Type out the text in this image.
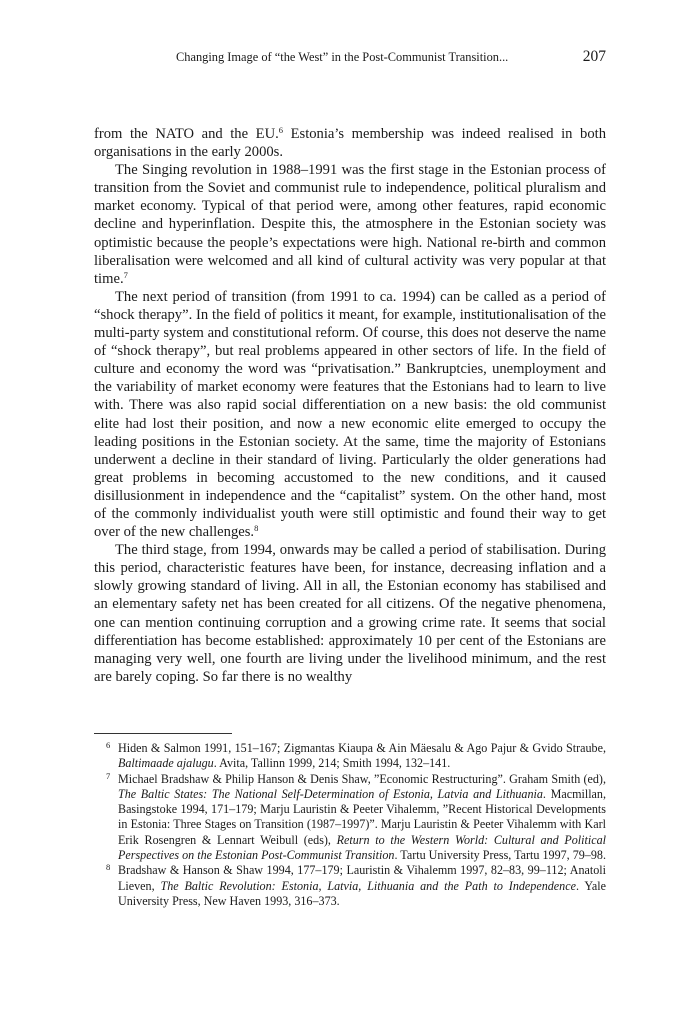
Changing Image of “the West” in the Post-Communist Transition...	207

from the NATO and the EU.$^6$ Estonia’s membership was indeed realised in both organisations in the early 2000s.

The Singing revolution in 1988–1991 was the first stage in the Estonian process of transition from the Soviet and communist rule to independence, political pluralism and market economy. Typical of that period were, among other features, rapid economic decline and hyperinflation. Despite this, the atmosphere in the Estonian society was optimistic because the people’s expectations were high. National re-birth and common liberalisation were welcomed and all kind of cultural activity was very popular at that time.$^7$

The next period of transition (from 1991 to ca. 1994) can be called as a period of “shock therapy”. In the field of politics it meant, for example, institutionalisation of the multi-party system and constitutional reform. Of course, this does not deserve the name of “shock therapy”, but real problems appeared in other sectors of life. In the field of culture and economy the word was “privatisation.” Bankruptcies, unemployment and the variability of market economy were features that the Estonians had to learn to live with. There was also rapid social differentiation on a new basis: the old communist elite had lost their position, and now a new economic elite emerged to occupy the leading positions in the Estonian society. At the same, time the majority of Estonians underwent a decline in their standard of living. Particularly the older generations had great problems in becoming accustomed to the new conditions, and it caused disillusionment in independence and the “capitalist” system. On the other hand, most of the commonly individualist youth were still optimistic and found their way to get over of the new challenges.$^8$

The third stage, from 1994, onwards may be called a period of stabilisation. During this period, characteristic features have been, for instance, decreasing inflation and a slowly growing standard of living. All in all, the Estonian economy has stabilised and an elementary safety net has been created for all citizens. Of the negative phenomena, one can mention continuing corruption and a growing crime rate. It seems that social differentiation has become established: approximately 10 per cent of the Estonians are managing very well, one fourth are living under the livelihood minimum, and the rest are barely coping. So far there is no wealthy

6 Hiden & Salmon 1991, 151–167; Zigmantas Kiaupa & Ain Mäesalu & Ago Pajur & Gvido Straube, Baltimaade ajalugu. Avita, Tallinn 1999, 214; Smith 1994, 132–141.

7 Michael Bradshaw & Philip Hanson & Denis Shaw, ”Economic Restructuring”. Graham Smith (ed), The Baltic States: The National Self-Determination of Estonia, Latvia and Lithuania. Macmillan, Basingstoke 1994, 171–179; Marju Lauristin & Peeter Vihalemm, ”Recent Historical Developments in Estonia: Three Stages on Transition (1987–1997)”. Marju Lauristin & Peeter Vihalemm with Karl Erik Rosengren & Lennart Weibull (eds), Return to the Western World: Cultural and Political Perspectives on the Estonian Post-Communist Transition. Tartu University Press, Tartu 1997, 79–98.

8 Bradshaw & Hanson & Shaw 1994, 177–179; Lauristin & Vihalemm 1997, 82–83, 99–112; Anatoli Lieven, The Baltic Revolution: Estonia, Latvia, Lithuania and the Path to Independence. Yale University Press, New Haven 1993, 316–373.
